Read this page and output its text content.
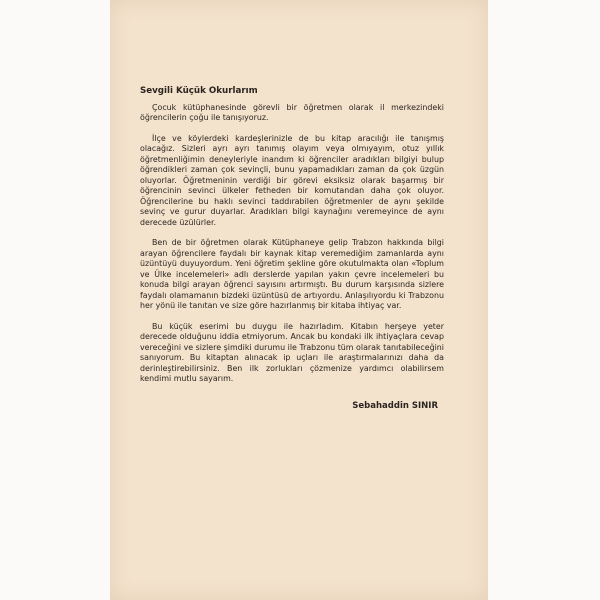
Sevgili Küçük Okurlarım

Çocuk kütüphanesinde görevli bir öğretmen olarak il merkezindeki öğrencilerin çoğu ile tanışıyoruz.

İlçe ve köylerdeki kardeşlerinizle de bu kitap aracılığı ile tanışmış olacağız. Sizleri ayrı ayrı tanımış olayım veya olmıyayım, otuz yıllık öğretmenliğimin deneyleriyle inandım ki öğrenciler aradıkları bilgiyi bulup öğrendikleri zaman çok sevinçli, bunu yapamadıkları zaman da çok üzgün oluyorlar. Öğretmeninin verdiği bir görevi eksiksiz olarak başarmış bir öğrencinin sevinci ülkeler fetheden bir komutandan daha çok oluyor. Öğrencilerine bu haklı sevinci taddırabilen öğretmenler de aynı şekilde sevinç ve gurur duyarlar. Aradıkları bilgi kaynağını veremeyince de aynı derecede üzülürler.

Ben de bir öğretmen olarak Kütüphaneye gelip Trabzon hakkında bilgi arayan öğrencilere faydalı bir kaynak kitap veremediğim zamanlarda aynı üzüntüyü duyuyordum. Yeni öğretim şekline göre okutulmakta olan «Toplum ve Ülke incelemeleri» adlı derslerde yapılan yakın çevre incelemeleri bu konuda bilgi arayan öğrenci sayısını artırmıştı. Bu durum karşısında sizlere faydalı olamamanın bizdeki üzüntüsü de artıyordu. Anlaşılıyordu ki Trabzonu her yönü ile tanıtan ve size göre hazırlanmış bir kitaba ihtiyaç var.

Bu küçük eserimi bu duygu ile hazırladım. Kitabın herşeye yeter derecede olduğunu iddia etmiyorum. Ancak bu kondaki ilk ihtiyaçlara cevap vereceğini ve sizlere şimdiki durumu ile Trabzonu tüm olarak tanıtabileceğini sanıyorum. Bu kitaptan alınacak ip uçları ile araştırmalarınızı daha da derinleştirebilirsiniz. Ben ilk zorlukları çözmenize yardımcı olabilirsem kendimi mutlu sayarım.

Sebahaddin SINIR
